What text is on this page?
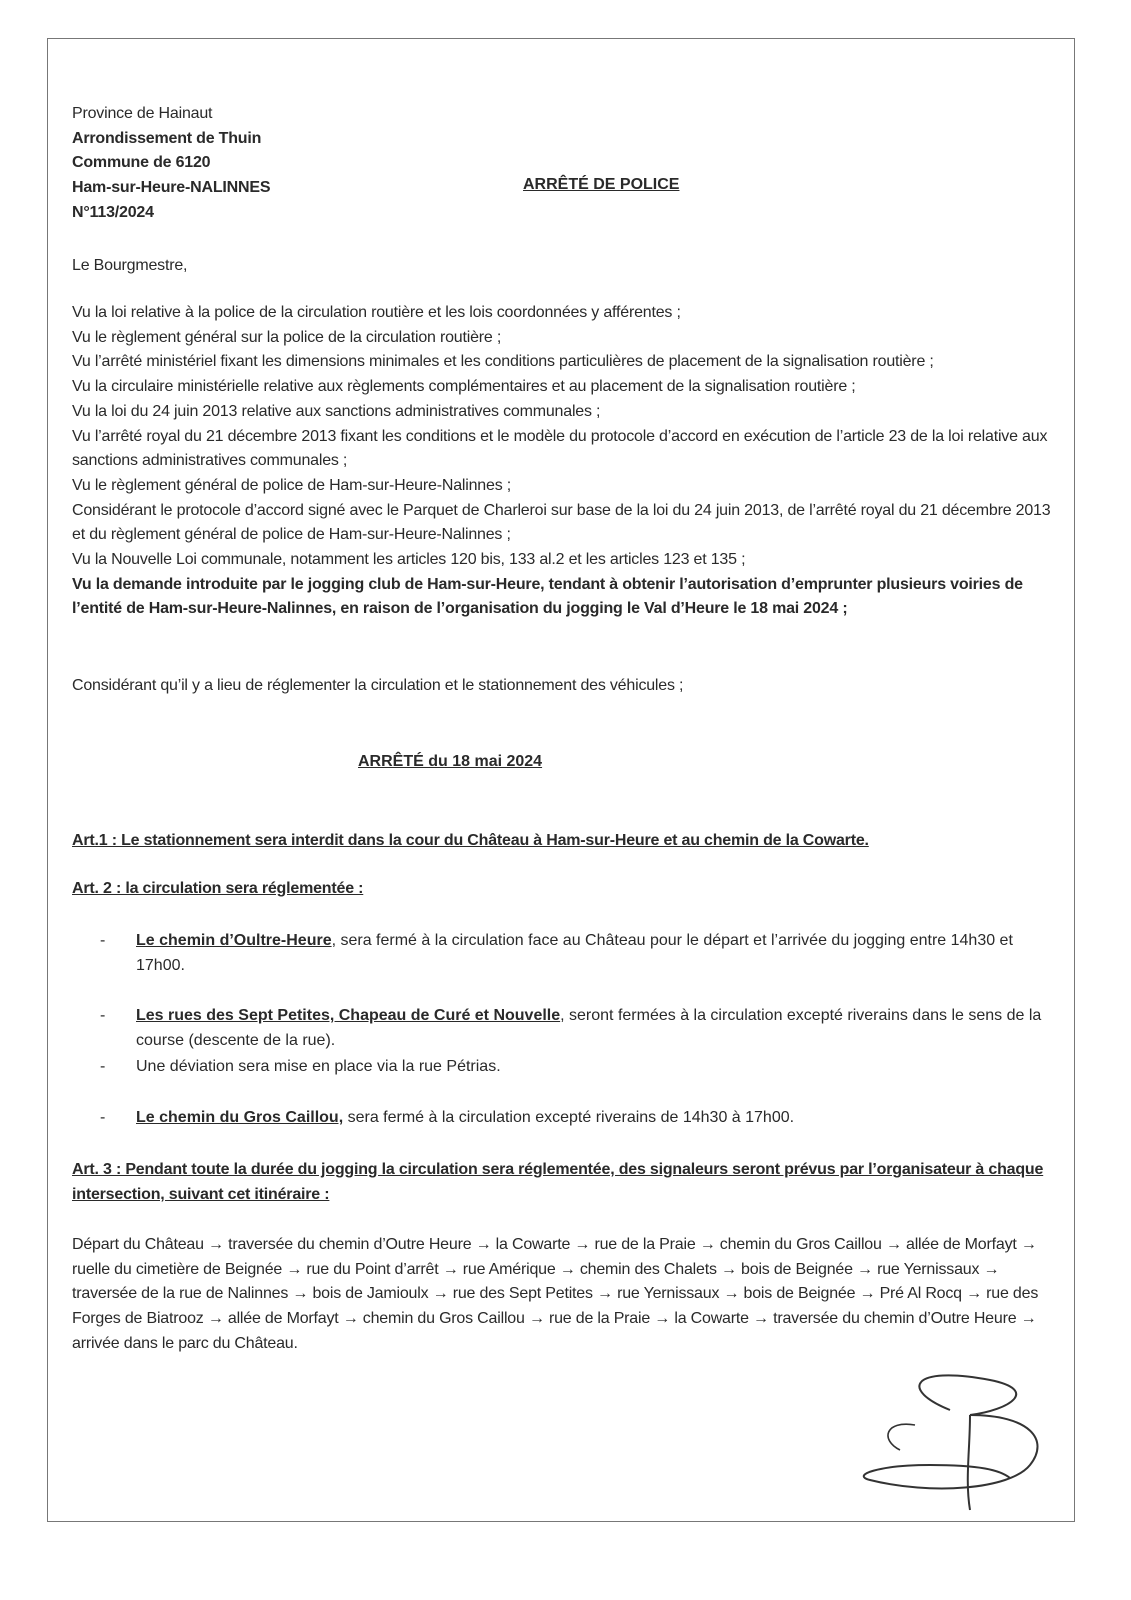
Province de Hainaut
Arrondissement de Thuin
Commune de 6120
Ham-sur-Heure-NALINNES
N°113/2024
ARRÊTÉ DE POLICE
Le Bourgmestre,
Vu la loi relative à la police de la circulation routière et les lois coordonnées y afférentes ;
Vu le règlement général sur la police de la circulation routière ;
Vu l’arrêté ministériel fixant les dimensions minimales et les conditions particulières de placement de la signalisation routière ;
Vu la circulaire ministérielle relative aux règlements complémentaires et au placement de la signalisation routière ;
Vu la loi du 24 juin 2013 relative aux sanctions administratives communales ;
Vu l’arrêté royal du 21 décembre 2013 fixant les conditions et le modèle du protocole d’accord en exécution de l’article 23 de la loi relative aux sanctions administratives communales ;
Vu le règlement général de police de Ham-sur-Heure-Nalinnes ;
Considérant le protocole d’accord signé avec le Parquet de Charleroi sur base de la loi du 24 juin 2013, de l’arrêté royal du 21 décembre 2013 et du règlement général de police de Ham-sur-Heure-Nalinnes ;
Vu la Nouvelle Loi communale, notamment les articles 120 bis, 133 al.2 et les articles 123 et 135 ;
Vu la demande introduite par le jogging club de Ham-sur-Heure, tendant à obtenir l’autorisation d’emprunter plusieurs voiries de l’entité de Ham-sur-Heure-Nalinnes, en raison de l’organisation du jogging le Val d’Heure le 18 mai 2024 ;
Considérant qu’il y a lieu de réglementer la circulation et le stationnement des véhicules ;
ARRÊTÉ du 18 mai 2024
Art.1 : Le stationnement sera interdit dans la cour du Château à Ham-sur-Heure et au chemin de la Cowarte.
Art. 2 : la circulation sera réglementée :
- Le chemin d’Oultre-Heure, sera fermé à la circulation face au Château pour le départ et l’arrivée du jogging entre 14h30 et 17h00.
- Les rues des Sept Petites, Chapeau de Curé et Nouvelle, seront fermées à la circulation excepté riverains dans le sens de la course (descente de la rue).
- Une déviation sera mise en place via la rue Pétrias.
- Le chemin du Gros Caillou, sera fermé à la circulation excepté riverains de 14h30 à 17h00.
Art. 3 : Pendant toute la durée du jogging la circulation sera réglementée, des signaleurs seront prévus par l’organisateur à chaque intersection, suivant cet itinéraire :
Départ du Château → traversée du chemin d’Outre Heure → la Cowarte → rue de la Praie → chemin du Gros Caillou → allée de Morfayt → ruelle du cimetière de Beignée → rue du Point d’arrêt → rue Amérique → chemin des Chalets → bois de Beignée → rue Yernissaux → traversée de la rue de Nalinnes → bois de Jamioulx → rue des Sept Petites → rue Yernissaux → bois de Beignée → Pré Al Rocq → rue des Forges de Biatrooz → allée de Morfayt → chemin du Gros Caillou → rue de la Praie → la Cowarte → traversée du chemin d’Outre Heure → arrivée dans le parc du Château.
